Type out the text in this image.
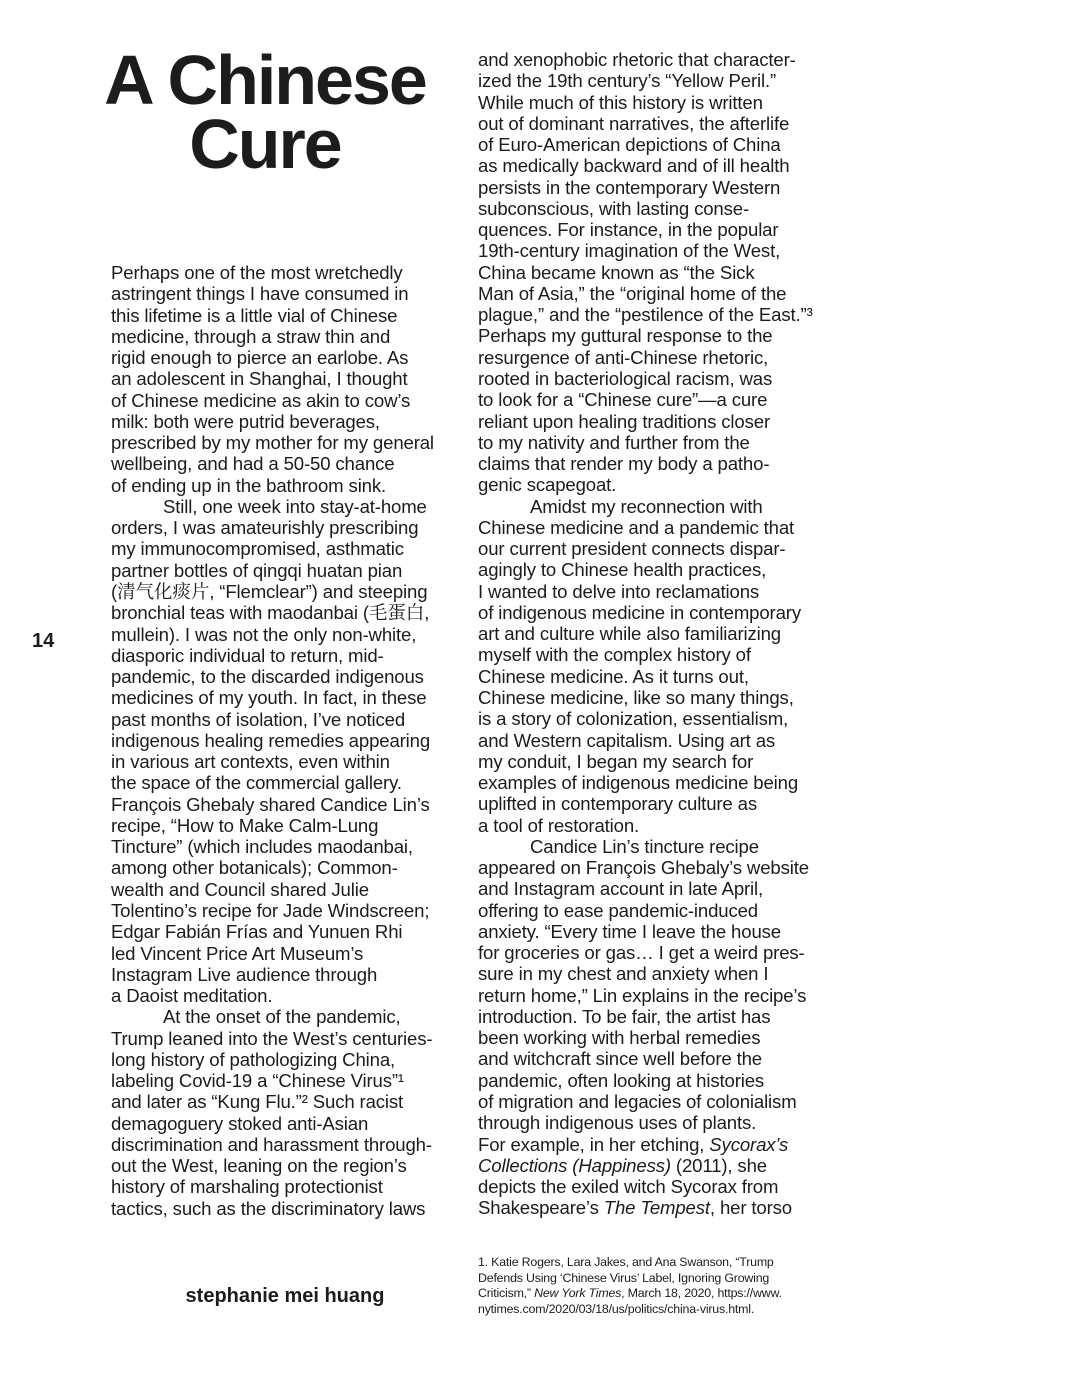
A Chinese
Cure
Perhaps one of the most wretchedly
astringent things I have consumed in
this lifetime is a little vial of Chinese
medicine, through a straw thin and
rigid enough to pierce an earlobe. As
an adolescent in Shanghai, I thought
of Chinese medicine as akin to cow’s
milk: both were putrid beverages,
prescribed by my mother for my general
wellbeing, and had a 50-50 chance
of ending up in the bathroom sink.
Still, one week into stay-at-home
orders, I was amateurishly prescribing
my immunocompromised, asthmatic
partner bottles of qingqi huatan pian
(清气化痰片, “Flemclear”) and steeping
bronchial teas with maodanbai (毛蛋白,
mullein). I was not the only non-white,
diasporic individual to return, mid-
pandemic, to the discarded indigenous
medicines of my youth. In fact, in these
past months of isolation, I’ve noticed
indigenous healing remedies appearing
in various art contexts, even within
the space of the commercial gallery.
François Ghebaly shared Candice Lin’s
recipe, “How to Make Calm-Lung
Tincture” (which includes maodanbai,
among other botanicals); Common-
wealth and Council shared Julie
Tolentino’s recipe for Jade Windscreen;
Edgar Fabián Frías and Yunuen Rhi
led Vincent Price Art Museum’s
Instagram Live audience through
a Daoist meditation.
At the onset of the pandemic,
Trump leaned into the West’s centuries-
long history of pathologizing China,
labeling Covid-19 a “Chinese Virus”¹
and later as “Kung Flu.”² Such racist
demagoguery stoked anti-Asian
discrimination and harassment through-
out the West, leaning on the region’s
history of marshaling protectionist
tactics, such as the discriminatory laws
and xenophobic rhetoric that character-
ized the 19th century’s “Yellow Peril.”
While much of this history is written
out of dominant narratives, the afterlife
of Euro-American depictions of China
as medically backward and of ill health
persists in the contemporary Western
subconscious, with lasting conse-
quences. For instance, in the popular
19th-century imagination of the West,
China became known as “the Sick
Man of Asia,” the “original home of the
plague,” and the “pestilence of the East.”³
Perhaps my guttural response to the
resurgence of anti-Chinese rhetoric,
rooted in bacteriological racism, was
to look for a “Chinese cure”—a cure
reliant upon healing traditions closer
to my nativity and further from the
claims that render my body a patho-
genic scapegoat.
Amidst my reconnection with
Chinese medicine and a pandemic that
our current president connects dispar-
agingly to Chinese health practices,
I wanted to delve into reclamations
of indigenous medicine in contemporary
art and culture while also familiarizing
myself with the complex history of
Chinese medicine. As it turns out,
Chinese medicine, like so many things,
is a story of colonization, essentialism,
and Western capitalism. Using art as
my conduit, I began my search for
examples of indigenous medicine being
uplifted in contemporary culture as
a tool of restoration.
Candice Lin’s tincture recipe
appeared on François Ghebaly’s website
and Instagram account in late April,
offering to ease pandemic-induced
anxiety. “Every time I leave the house
for groceries or gas… I get a weird pres-
sure in my chest and anxiety when I
return home,” Lin explains in the recipe’s
introduction. To be fair, the artist has
been working with herbal remedies
and witchcraft since well before the
pandemic, often looking at histories
of migration and legacies of colonialism
through indigenous uses of plants.
For example, in her etching, Sycorax’s
Collections (Happiness) (2011), she
depicts the exiled witch Sycorax from
Shakespeare’s The Tempest, her torso
14
stephanie mei huang
1. Katie Rogers, Lara Jakes, and Ana Swanson, “Trump
Defends Using ‘Chinese Virus’ Label, Ignoring Growing
Criticism,” New York Times, March 18, 2020, https://www.
nytimes.com/2020/03/18/us/politics/china-virus.html.
